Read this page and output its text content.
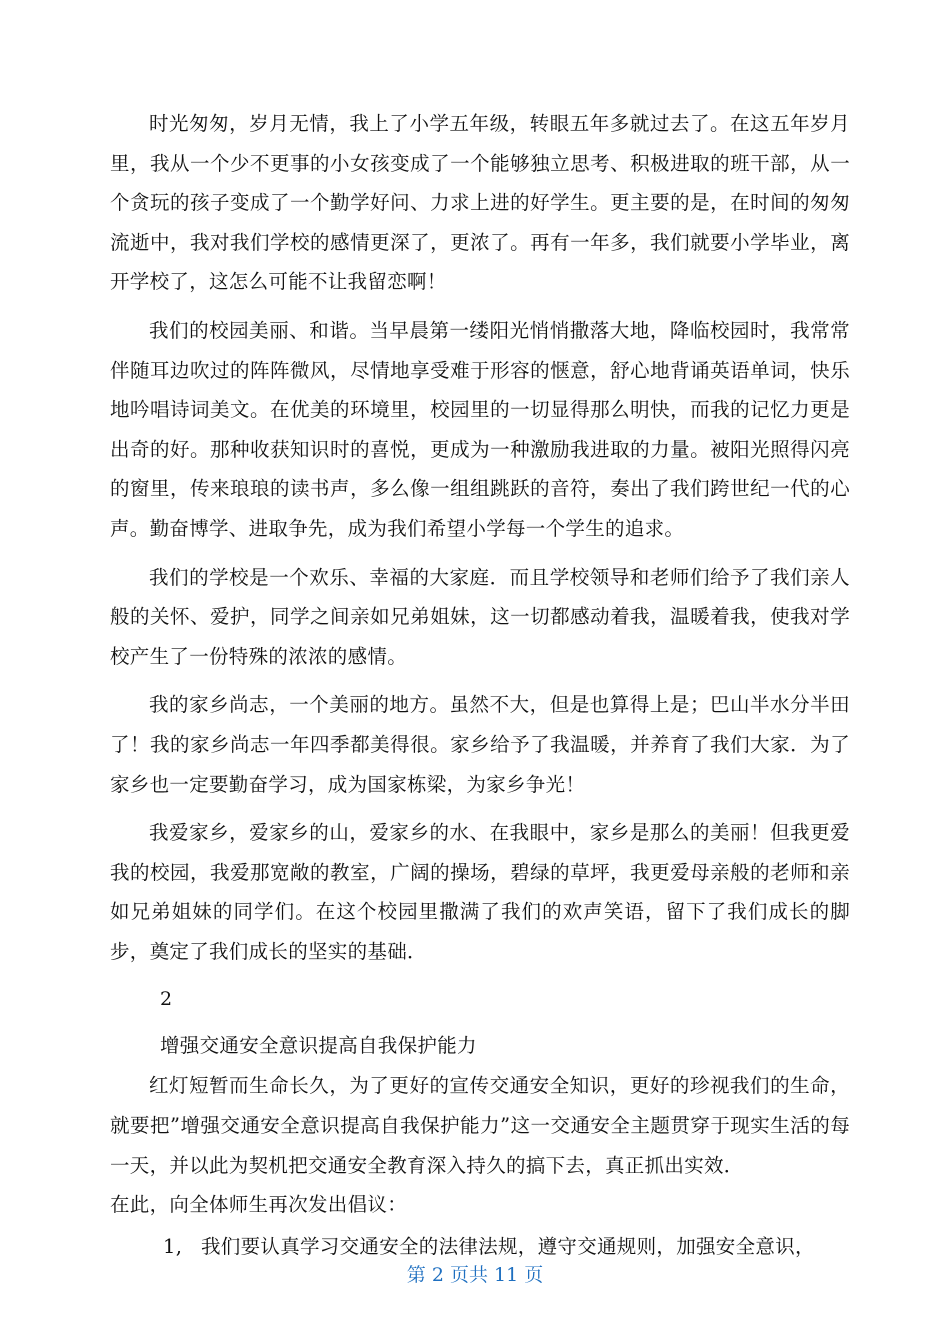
时光匆匆，岁月无情，我上了小学五年级，转眼五年多就过去了。在这五年岁月里，我从一个少不更事的小女孩变成了一个能够独立思考、积极进取的班干部，从一个贪玩的孩子变成了一个勤学好问、力求上进的好学生。更主要的是，在时间的匆匆流逝中，我对我们学校的感情更深了，更浓了。再有一年多，我们就要小学毕业，离开学校了，这怎么可能不让我留恋啊！

我们的校园美丽、和谐。当早晨第一缕阳光悄悄撒落大地，降临校园时，我常常伴随耳边吹过的阵阵微风，尽情地享受难于形容的惬意，舒心地背诵英语单词，快乐地吟唱诗词美文。在优美的环境里，校园里的一切显得那么明快，而我的记忆力更是出奇的好。那种收获知识时的喜悦，更成为一种激励我进取的力量。被阳光照得闪亮的窗里，传来琅琅的读书声，多么像一组组跳跃的音符，奏出了我们跨世纪一代的心声。勤奋博学、进取争先，成为我们希望小学每一个学生的追求。

我们的学校是一个欢乐、幸福的大家庭．而且学校领导和老师们给予了我们亲人般的关怀、爱护，同学之间亲如兄弟姐妹，这一切都感动着我，温暖着我，使我对学校产生了一份特殊的浓浓的感情。

我的家乡尚志，一个美丽的地方。虽然不大，但是也算得上是；巴山半水分半田了！我的家乡尚志一年四季都美得很。家乡给予了我温暖，并养育了我们大家．为了家乡也一定要勤奋学习，成为国家栋梁，为家乡争光！

我爱家乡，爱家乡的山，爱家乡的水、在我眼中，家乡是那么的美丽！但我更爱我的校园，我爱那宽敞的教室，广阔的操场，碧绿的草坪，我更爱母亲般的老师和亲如兄弟姐妹的同学们。在这个校园里撒满了我们的欢声笑语，留下了我们成长的脚步，奠定了我们成长的坚实的基础．

2
增强交通安全意识提高自我保护能力

红灯短暂而生命长久，为了更好的宣传交通安全知识，更好的珍视我们的生命，就要把”增强交通安全意识提高自我保护能力”这一交通安全主题贯穿于现实生活的每一天，并以此为契机把交通安全教育深入持久的搞下去，真正抓出实效．

在此，向全体师生再次发出倡议：

1, 我们要认真学习交通安全的法律法规，遵守交通规则，加强安全意识，
第 2 页共 11 页
